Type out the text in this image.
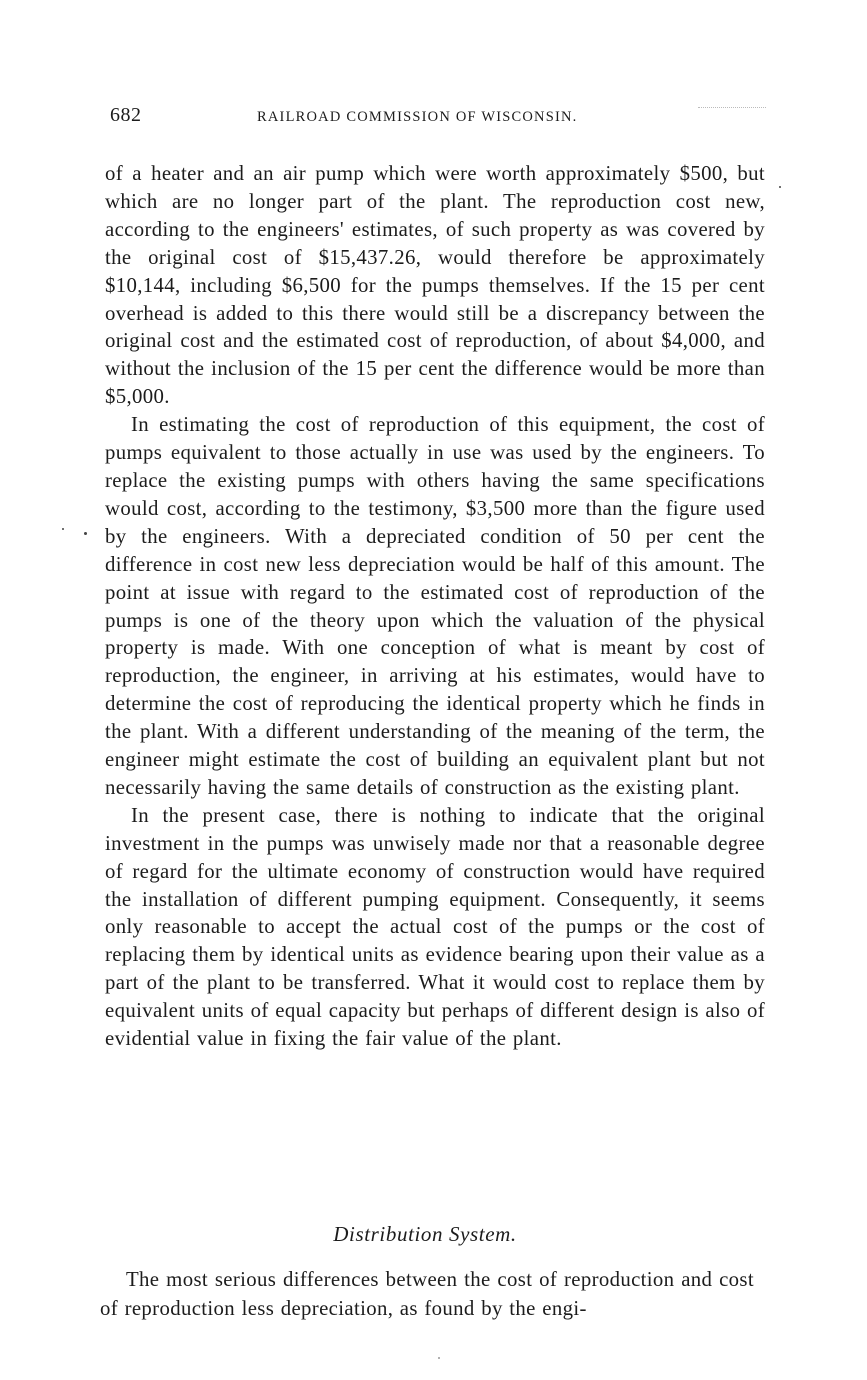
682	RAILROAD COMMISSION OF WISCONSIN.

of a heater and an air pump which were worth approximately $500, but which are no longer part of the plant. The reproduction cost new, according to the engineers' estimates, of such property as was covered by the original cost of $15,437.26, would therefore be approximately $10,144, including $6,500 for the pumps themselves. If the 15 per cent overhead is added to this there would still be a discrepancy between the original cost and the estimated cost of reproduction, of about $4,000, and without the inclusion of the 15 per cent the difference would be more than $5,000.

In estimating the cost of reproduction of this equipment, the cost of pumps equivalent to those actually in use was used by the engineers. To replace the existing pumps with others having the same specifications would cost, according to the testimony, $3,500 more than the figure used by the engineers. With a depreciated condition of 50 per cent the difference in cost new less depreciation would be half of this amount. The point at issue with regard to the estimated cost of reproduction of the pumps is one of the theory upon which the valuation of the physical property is made. With one conception of what is meant by cost of reproduction, the engineer, in arriving at his estimates, would have to determine the cost of reproducing the identical property which he finds in the plant. With a different understanding of the meaning of the term, the engineer might estimate the cost of building an equivalent plant but not necessarily having the same details of construction as the existing plant.

In the present case, there is nothing to indicate that the original investment in the pumps was unwisely made nor that a reasonable degree of regard for the ultimate economy of construction would have required the installation of different pumping equipment. Consequently, it seems only reasonable to accept the actual cost of the pumps or the cost of replacing them by identical units as evidence bearing upon their value as a part of the plant to be transferred. What it would cost to replace them by equivalent units of equal capacity but perhaps of different design is also of evidential value in fixing the fair value of the plant.

Distribution System.

The most serious differences between the cost of reproduction and cost of reproduction less depreciation, as found by the engi-
